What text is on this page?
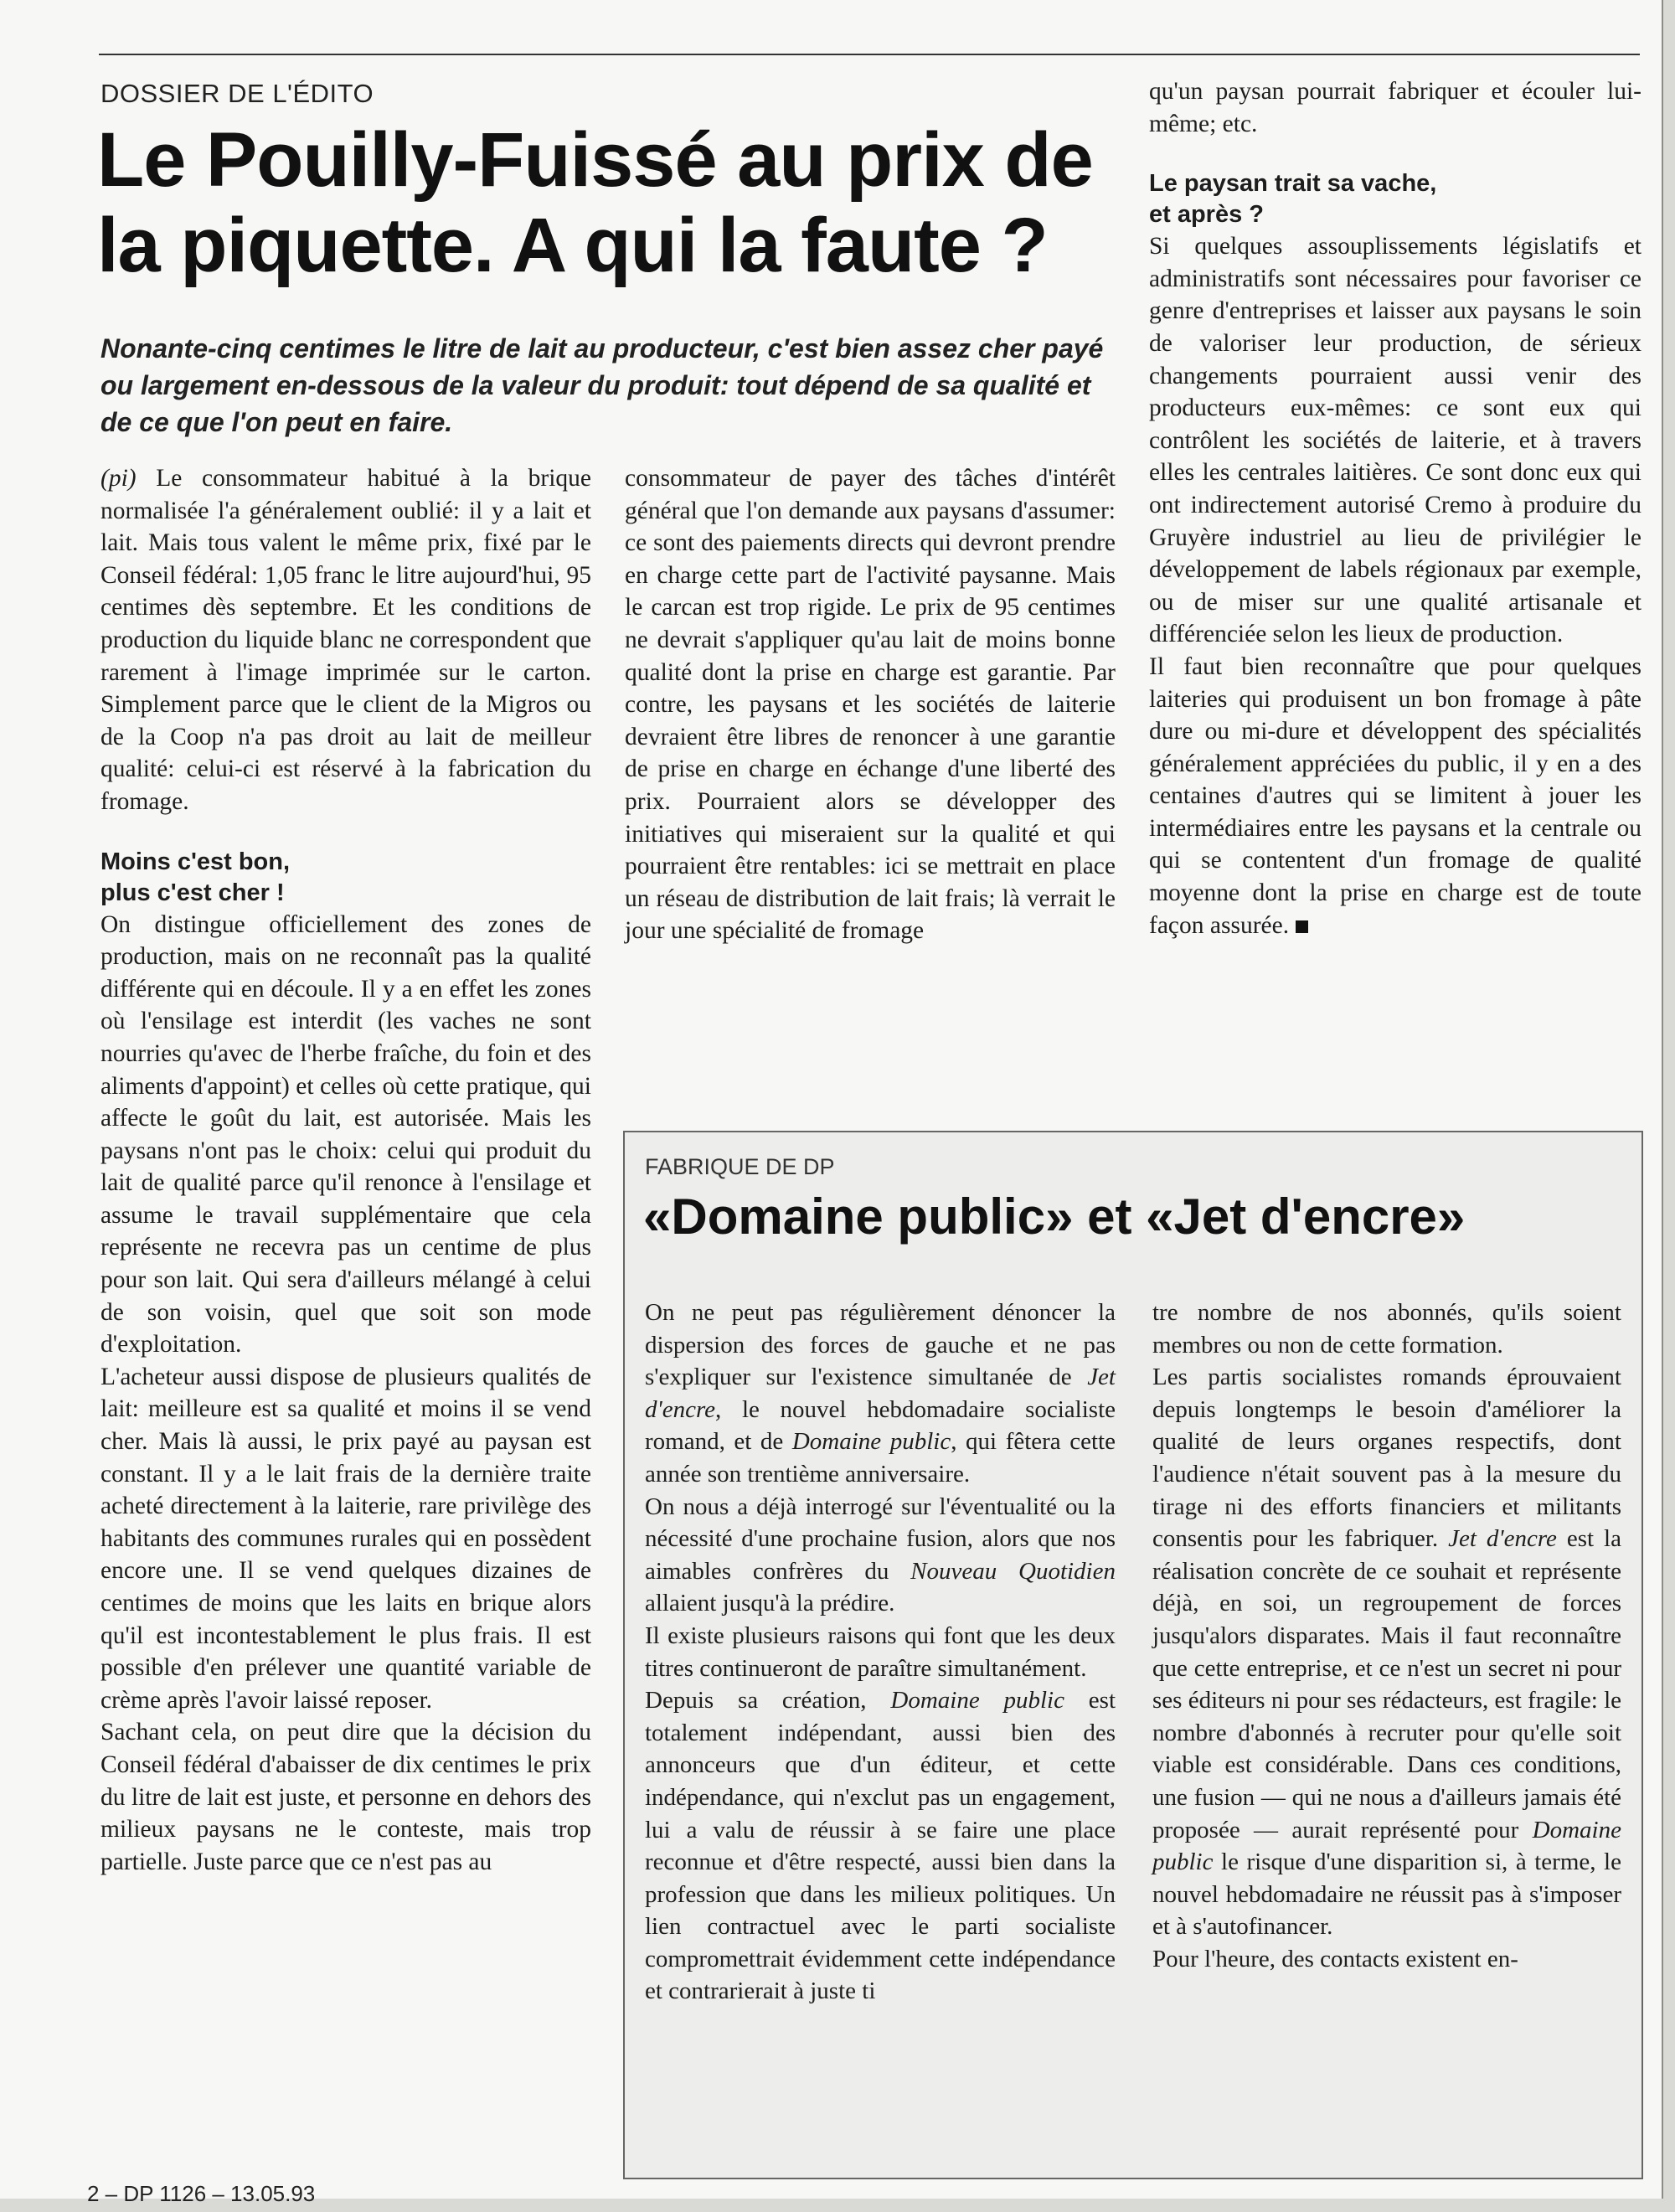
DOSSIER DE L'ÉDITO
Le Pouilly-Fuissé au prix de la piquette. A qui la faute ?
Nonante-cinq centimes le litre de lait au producteur, c'est bien assez cher payé ou largement en-dessous de la valeur du produit: tout dépend de sa qualité et de ce que l'on peut en faire.

(pi) Le consommateur habitué à la brique normalisée l'a généralement oublié: il y a lait et lait. Mais tous valent le même prix, fixé par le Conseil fédéral: 1,05 franc le litre aujourd'hui, 95 centimes dès septembre. Et les conditions de production du liquide blanc ne correspondent que rarement à l'image imprimée sur le carton. Simplement parce que le client de la Migros ou de la Coop n'a pas droit au lait de meilleur qualité: celui-ci est réservé à la fabrication du fromage.

Moins c'est bon,
plus c'est cher !

On distingue officiellement des zones de production, mais on ne reconnaît pas la qualité différente qui en découle. Il y a en effet les zones où l'ensilage est interdit (les vaches ne sont nourries qu'avec de l'herbe fraîche, du foin et des aliments d'appoint) et celles où cette pratique, qui affecte le goût du lait, est autorisée. Mais les paysans n'ont pas le choix: celui qui produit du lait de qualité parce qu'il renonce à l'ensilage et assume le travail supplémentaire que cela représente ne recevra pas un centime de plus pour son lait. Qui sera d'ailleurs mélangé à celui de son voisin, quel que soit son mode d'exploitation.

L'acheteur aussi dispose de plusieurs qualités de lait: meilleure est sa qualité et moins il se vend cher. Mais là aussi, le prix payé au paysan est constant. Il y a le lait frais de la dernière traite acheté directement à la laiterie, rare privilège des habitants des communes rurales qui en possèdent encore une. Il se vend quelques dizaines de centimes de moins que les laits en brique alors qu'il est incontestablement le plus frais. Il est possible d'en prélever une quantité variable de crème après l'avoir laissé reposer.

Sachant cela, on peut dire que la décision du Conseil fédéral d'abaisser de dix centimes le prix du litre de lait est juste, et personne en dehors des milieux paysans ne le conteste, mais trop partielle. Juste parce que ce n'est pas au

consommateur de payer des tâches d'intérêt général que l'on demande aux paysans d'assumer: ce sont des paiements directs qui devront prendre en charge cette part de l'activité paysanne. Mais le carcan est trop rigide. Le prix de 95 centimes ne devrait s'appliquer qu'au lait de moins bonne qualité dont la prise en charge est garantie. Par contre, les paysans et les sociétés de laiterie devraient être libres de renoncer à une garantie de prise en charge en échange d'une liberté des prix. Pourraient alors se développer des initiatives qui miseraient sur la qualité et qui pourraient être rentables: ici se mettrait en place un réseau de distribution de lait frais; là verrait le jour une spécialité de fromage

qu'un paysan pourrait fabriquer et écouler lui-même; etc.

Le paysan trait sa vache,
et après ?

Si quelques assouplissements législatifs et administratifs sont nécessaires pour favoriser ce genre d'entreprises et laisser aux paysans le soin de valoriser leur production, de sérieux changements pourraient aussi venir des producteurs eux-mêmes: ce sont eux qui contrôlent les sociétés de laiterie, et à travers elles les centrales laitières. Ce sont donc eux qui ont indirectement autorisé Cremo à produire du Gruyère industriel au lieu de privilégier le développement de labels régionaux par exemple, ou de miser sur une qualité artisanale et différenciée selon les lieux de production.

Il faut bien reconnaître que pour quelques laiteries qui produisent un bon fromage à pâte dure ou mi-dure et développent des spécialités généralement appréciées du public, il y en a des centaines d'autres qui se limitent à jouer les intermédiaires entre les paysans et la centrale ou qui se contentent d'un fromage de qualité moyenne dont la prise en charge est de toute façon assurée.

FABRIQUE DE DP
«Domaine public» et «Jet d'encre»

On ne peut pas régulièrement dénoncer la dispersion des forces de gauche et ne pas s'expliquer sur l'existence simultanée de Jet d'encre, le nouvel hebdomadaire socialiste romand, et de Domaine public, qui fêtera cette année son trentième anniversaire.

On nous a déjà interrogé sur l'éventualité ou la nécessité d'une prochaine fusion, alors que nos aimables confrères du Nouveau Quotidien allaient jusqu'à la prédire.

Il existe plusieurs raisons qui font que les deux titres continueront de paraître simultanément.

Depuis sa création, Domaine public est totalement indépendant, aussi bien des annonceurs que d'un éditeur, et cette indépendance, qui n'exclut pas un engagement, lui a valu de réussir à se faire une place reconnue et d'être respecté, aussi bien dans la profession que dans les milieux politiques. Un lien contractuel avec le parti socialiste compromettrait évidemment cette indépendance et contrarierait à juste ti

tre nombre de nos abonnés, qu'ils soient membres ou non de cette formation.

Les partis socialistes romands éprouvaient depuis longtemps le besoin d'améliorer la qualité de leurs organes respectifs, dont l'audience n'était souvent pas à la mesure du tirage ni des efforts financiers et militants consentis pour les fabriquer. Jet d'encre est la réalisation concrète de ce souhait et représente déjà, en soi, un regroupement de forces jusqu'alors disparates. Mais il faut reconnaître que cette entreprise, et ce n'est un secret ni pour ses éditeurs ni pour ses rédacteurs, est fragile: le nombre d'abonnés à recruter pour qu'elle soit viable est considérable. Dans ces conditions, une fusion — qui ne nous a d'ailleurs jamais été proposée — aurait représenté pour Domaine public le risque d'une disparition si, à terme, le nouvel hebdomadaire ne réussit pas à s'imposer et à s'autofinancer.

Pour l'heure, des contacts existent en-

2 – DP 1126 – 13.05.93
